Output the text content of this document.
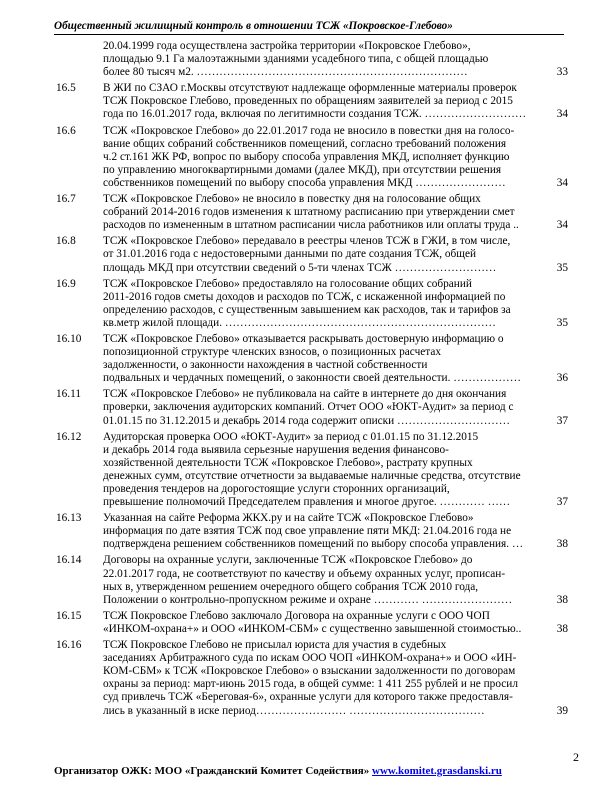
Общественный жилищный контроль в отношении ТСЖ «Покровское-Глебово»
20.04.1999 года осуществлена застройка территории «Покровское Глебово»,
площадью 9.1 Га малоэтажными зданиями усадебного типа, с общей площадью
более 80 тысяч м2. ………………………………………………………………	33
16.5	В ЖИ по СЗАО г.Москвы отсутствуют надлежаще оформленные материалы проверок
ТСЖ Покровское Глебово, проведенных по обращениям заявителей за период с 2015
года по 16.01.2017 года, включая по легитимности создания ТСЖ. ………………………	34
16.6	ТСЖ «Покровское Глебово» до 22.01.2017 года не вносило в повестки дня на голосо-
вание общих собраний собственников помещений, согласно требований положения
ч.2 ст.161 ЖК РФ, вопрос по выбору способа управления МКД, исполняет функцию
по управлению многоквартирными домами (далее МКД), при отсутствии решения
собственников помещений по выбору способа управления МКД ……………………	34
16.7	ТСЖ «Покровское Глебово» не вносило в повестку дня на голосование общих
собраний 2014-2016 годов изменения к штатному расписанию при утверждении смет
расходов по измененным в штатном расписании числа работников или оплаты труда ..	34
16.8	ТСЖ «Покровское Глебово» передавало в реестры членов ТСЖ в ГЖИ, в том числе,
от 31.01.2016 года с недостоверными данными по дате создания ТСЖ, общей
площадь МКД при отсутствии сведений о 5-ти членах ТСЖ ………………………	35
16.9	ТСЖ «Покровское Глебово» предоставляло на голосование общих собраний
2011-2016 годов сметы доходов и расходов по ТСЖ, с искаженной информацией по
определению расходов, с существенным завышением как расходов, так и тарифов за
кв.метр жилой площади. ………………………………………………………………	35
16.10	ТСЖ «Покровское Глебово» отказывается раскрывать достоверную информацию о
попозиционной структуре членских взносов, о позиционных расчетах
задолженности, о законности нахождения в частной собственности
подвальных и чердачных помещений, о законности своей деятельности. ………………	36
16.11	ТСЖ «Покровское Глебово» не публиковала на сайте в интернете до дня окончания
проверки, заключения аудиторских компаний. Отчет ООО «ЮКТ-Аудит» за период с
01.01.15 по 31.12.2015 и декабрь 2014 года содержит описки …………………………	37
16.12	Аудиторская проверка ООО «ЮКТ-Аудит» за период с 01.01.15 по 31.12.2015
и декабрь 2014 года выявила серьезные нарушения ведения финансово-
хозяйственной деятельности ТСЖ «Покровское Глебово», растрату крупных
денежных сумм, отсутствие отчетности за выдаваемые наличные средства, отсутствие
проведения тендеров на дорогостоящие услуги сторонних организаций,
превышение полномочий Председателем правления и многое другое. ………… ……	37
16.13	Указанная на сайте Реформа ЖКХ.ру и на сайте ТСЖ «Покровское Глебово»
информация по дате взятия ТСЖ под свое управление пяти МКД: 21.04.2016 года не
подтверждена решением собственников помещений по выбору способа управления. …	38
16.14	Договоры на охранные услуги, заключенные ТСЖ «Покровское Глебово» до
22.01.2017 года, не соответствуют по качеству и объему охранных услуг, прописан-
ных в, утвержденном решением очередного общего собрания ТСЖ 2010 года,
Положении о контрольно-пропускном режиме и охране ………… ……………………	38
16.15	ТСЖ Покровское Глебово заключало Договора на охранные услуги с ООО ЧОП
«ИНКОМ-охрана+» и ООО «ИНКОМ-СБМ» с существенно завышенной стоимостью..	38
16.16	ТСЖ Покровское Глебово не присылал юриста для участия в судебных
заседаниях Арбитражного суда по искам ООО ЧОП «ИНКОМ-охрана+» и ООО «ИН-
КОМ-СБМ» к ТСЖ «Покровское Глебово» о взыскании задолженности по договорам
охраны за период: март-июнь 2015 года, в общей сумме: 1 411 255 рублей и не просил
суд привлечь ТСЖ «Береговая-6», охранные услуги для которого также предоставля-
лись в указанный в иске период…………………… ………………………………	39
2
Организатор ОЖК: МОО «Гражданский Комитет Содействия» www.komitet.grasdanski.ru
